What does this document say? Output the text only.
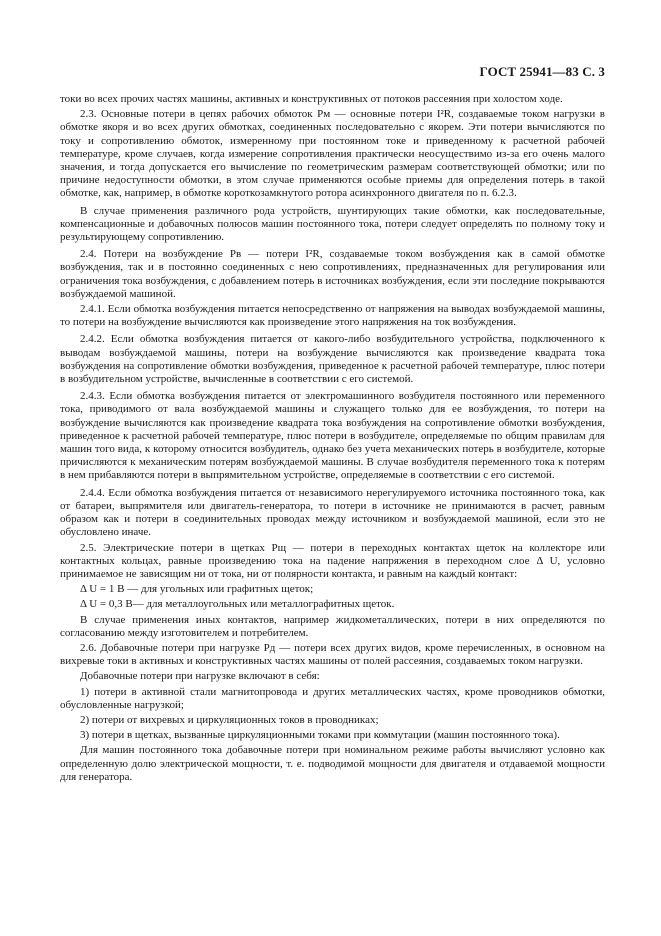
ГОСТ 25941—83 С. 3

токи во всех прочих частях машины, активных и конструктивных от потоков рассеяния при холостом ходе.

2.3. Основные потери в цепях рабочих обмоток Pм — основные потери I²R, создаваемые током нагрузки в обмотке якоря и во всех других обмотках, соединенных последовательно с якорем. Эти потери вычисляются по току и сопротивлению обмоток, измеренному при постоянном токе и приведенному к расчетной рабочей температуре, кроме случаев, когда измерение сопротивления практически неосуществимо из-за его очень малого значения, и тогда допускается его вычисление по геометрическим размерам соответствующей обмотки; или по причине недоступности обмотки, в этом случае применяются особые приемы для определения потерь в такой обмотке, как, например, в обмотке короткозамкнутого ротора асинхронного двигателя по п. 6.2.3.

В случае применения различного рода устройств, шунтирующих такие обмотки, как последовательные, компенсационные и добавочных полюсов машин постоянного тока, потери следует определять по полному току и результирующему сопротивлению.

2.4. Потери на возбуждение Pв — потери I²R, создаваемые током возбуждения как в самой обмотке возбуждения, так и в постоянно соединенных с нею сопротивлениях, предназначенных для регулирования или ограничения тока возбуждения, с добавлением потерь в источниках возбуждения, если эти последние покрываются возбуждаемой машиной.

2.4.1. Если обмотка возбуждения питается непосредственно от напряжения на выводах возбуждаемой машины, то потери на возбуждение вычисляются как произведение этого напряжения на ток возбуждения.

2.4.2. Если обмотка возбуждения питается от какого-либо возбудительного устройства, подключенного к выводам возбуждаемой машины, потери на возбуждение вычисляются как произведение квадрата тока возбуждения на сопротивление обмотки возбуждения, приведенное к расчетной рабочей температуре, плюс потери в возбудительном устройстве, вычисленные в соответствии с его системой.

2.4.3. Если обмотка возбуждения питается от электромашинного возбудителя постоянного или переменного тока, приводимого от вала возбуждаемой машины и служащего только для ее возбуждения, то потери на возбуждение вычисляются как произведение квадрата тока возбуждения на сопротивление обмотки возбуждения, приведенное к расчетной рабочей температуре, плюс потери в возбудителе, определяемые по общим правилам для машин того вида, к которому относится возбудитель, однако без учета механических потерь в возбудителе, которые причисляются к механическим потерям возбуждаемой машины. В случае возбудителя переменного тока к потерям в нем прибавляются потери в выпрямительном устройстве, определяемые в соответствии с его системой.

2.4.4. Если обмотка возбуждения питается от независимого нерегулируемого источника постоянного тока, как от батареи, выпрямителя или двигатель-генератора, то потери в источнике не принимаются в расчет, равным образом как и потери в соединительных проводах между источником и возбуждаемой машиной, если это не обусловлено иначе.

2.5. Электрические потери в щетках Pщ — потери в переходных контактах щеток на коллекторе или контактных кольцах, равные произведению тока на падение напряжения в переходном слое Δ U, условно принимаемое не зависящим ни от тока, ни от полярности контакта, и равным на каждый контакт:

Δ U = 1 В — для угольных или графитных щеток;

Δ U = 0,3 В— для металлоугольных или металлографитных щеток.

В случае применения иных контактов, например жидкометаллических, потери в них определяются по согласованию между изготовителем и потребителем.

2.6. Добавочные потери при нагрузке Pд — потери всех других видов, кроме перечисленных, в основном на вихревые токи в активных и конструктивных частях машины от полей рассеяния, создаваемых током нагрузки.

Добавочные потери при нагрузке включают в себя:

1) потери в активной стали магнитопровода и других металлических частях, кроме проводников обмотки, обусловленные нагрузкой;

2) потери от вихревых и циркуляционных токов в проводниках;

3) потери в щетках, вызванные циркуляционными токами при коммутации (машин постоянного тока).

Для машин постоянного тока добавочные потери при номинальном режиме работы вычисляют условно как определенную долю электрической мощности, т. е. подводимой мощности для двигателя и отдаваемой мощности для генератора.
